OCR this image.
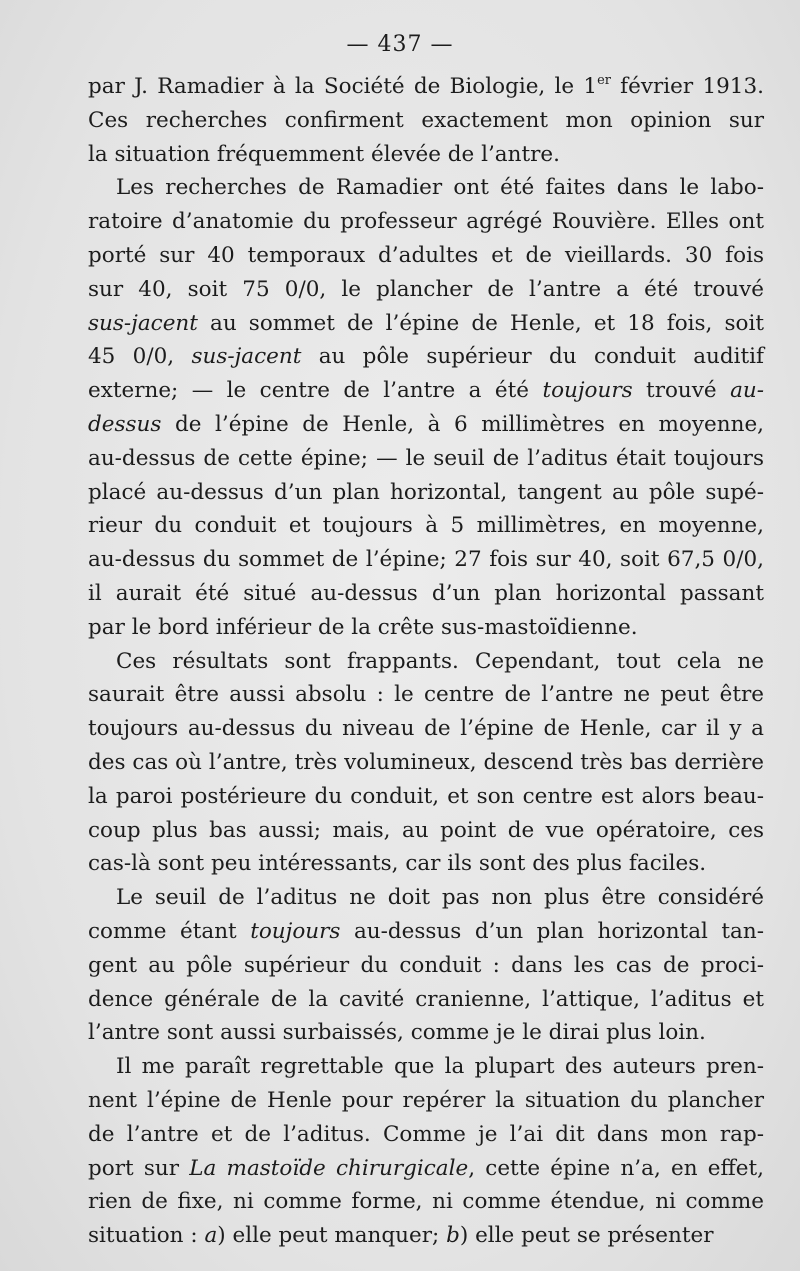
— 437 —
par J. Ramadier à la Société de Biologie, le 1er février 1913.
Ces recherches confirment exactement mon opinion sur
la situation fréquemment élevée de l’antre.
Les recherches de Ramadier ont été faites dans le labo-
ratoire d’anatomie du professeur agrégé Rouvière. Elles ont
porté sur 40 temporaux d’adultes et de vieillards. 30 fois
sur 40, soit 75 0/0, le plancher de l’antre a été trouvé
sus-jacent au sommet de l’épine de Henle, et 18 fois, soit
45 0/0, sus-jacent au pôle supérieur du conduit auditif
externe; — le centre de l’antre a été toujours trouvé au-
dessus de l’épine de Henle, à 6 millimètres en moyenne,
au-dessus de cette épine; — le seuil de l’aditus était toujours
placé au-dessus d’un plan horizontal, tangent au pôle supé-
rieur du conduit et toujours à 5 millimètres, en moyenne,
au-dessus du sommet de l’épine; 27 fois sur 40, soit 67,5 0/0,
il aurait été situé au-dessus d’un plan horizontal passant
par le bord inférieur de la crête sus-mastoïdienne.
Ces résultats sont frappants. Cependant, tout cela ne
saurait être aussi absolu : le centre de l’antre ne peut être
toujours au-dessus du niveau de l’épine de Henle, car il y a
des cas où l’antre, très volumineux, descend très bas derrière
la paroi postérieure du conduit, et son centre est alors beau-
coup plus bas aussi; mais, au point de vue opératoire, ces
cas-là sont peu intéressants, car ils sont des plus faciles.
Le seuil de l’aditus ne doit pas non plus être considéré
comme étant toujours au-dessus d’un plan horizontal tan-
gent au pôle supérieur du conduit : dans les cas de proci-
dence générale de la cavité cranienne, l’attique, l’aditus et
l’antre sont aussi surbaissés, comme je le dirai plus loin.
Il me paraît regrettable que la plupart des auteurs pren-
nent l’épine de Henle pour repérer la situation du plancher
de l’antre et de l’aditus. Comme je l’ai dit dans mon rap-
port sur La mastoïde chirurgicale, cette épine n’a, en effet,
rien de fixe, ni comme forme, ni comme étendue, ni comme
situation : a) elle peut manquer; b) elle peut se présenter
